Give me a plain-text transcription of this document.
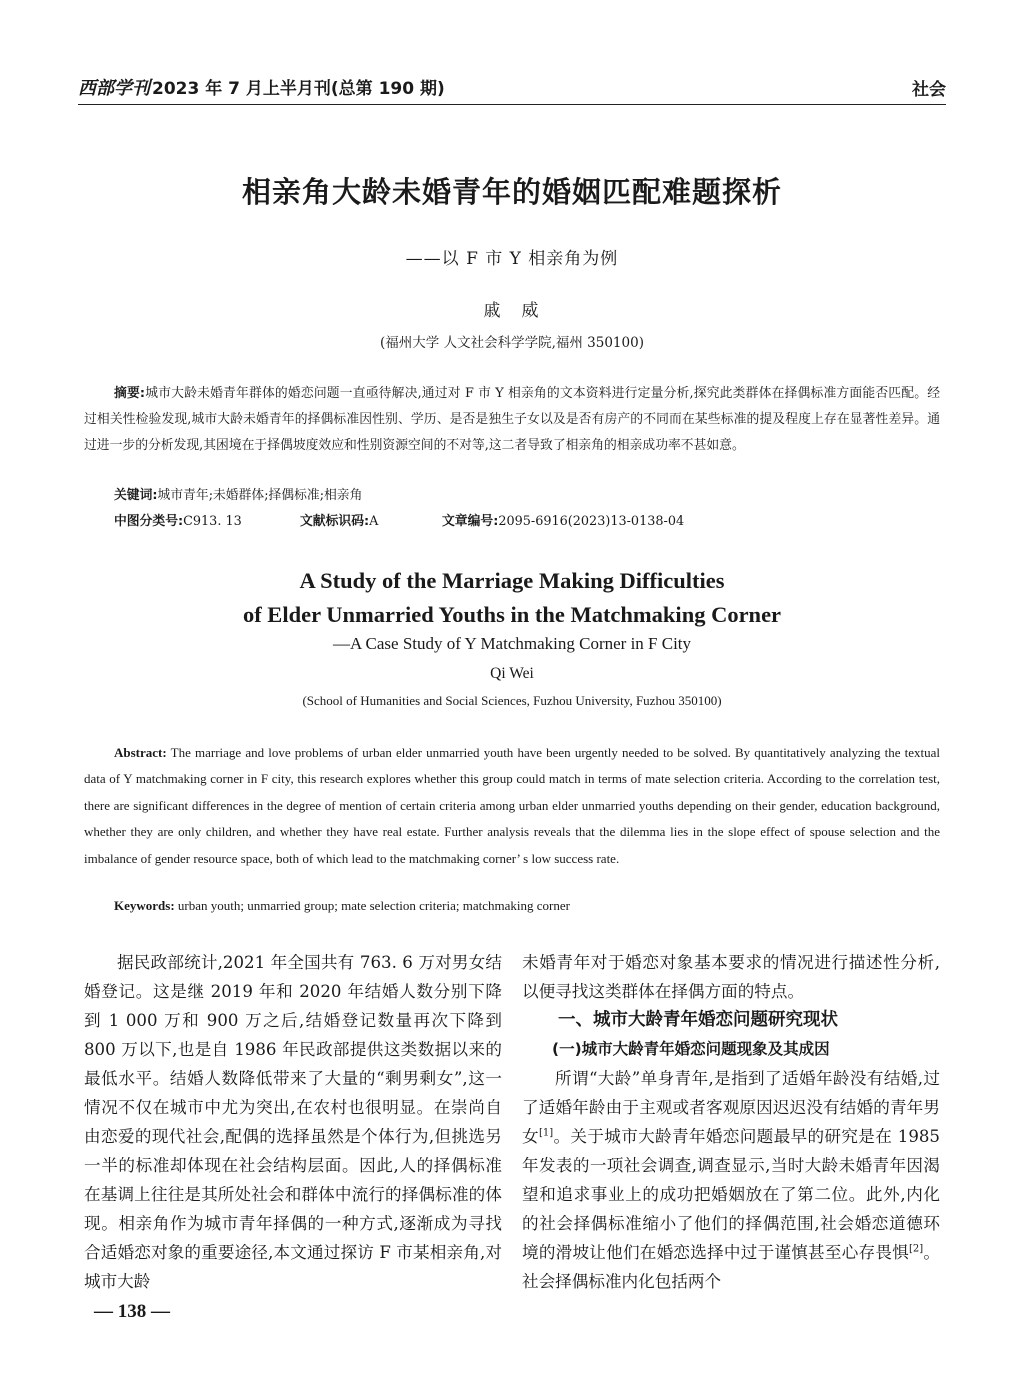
西部学刊 2023 年 7 月上半月刊(总第 190 期)	社会
相亲角大龄未婚青年的婚姻匹配难题探析
——以 F 市 Y 相亲角为例
戚　威
(福州大学 人文社会科学学院,福州 350100)
摘要:城市大龄未婚青年群体的婚恋问题一直亟待解决,通过对 F 市 Y 相亲角的文本资料进行定量分析,探究此类群体在择偶标准方面能否匹配。经过相关性检验发现,城市大龄未婚青年的择偶标准因性别、学历、是否是独生子女以及是否有房产的不同而在某些标准的提及程度上存在显著性差异。通过进一步的分析发现,其困境在于择偶坡度效应和性别资源空间的不对等,这二者导致了相亲角的相亲成功率不甚如意。
关键词:城市青年;未婚群体;择偶标准;相亲角
中图分类号:C913. 13	文献标识码:A	文章编号:2095-6916(2023)13-0138-04
A Study of the Marriage Making Difficulties
of Elder Unmarried Youths in the Matchmaking Corner
—A Case Study of Y Matchmaking Corner in F City
Qi Wei
(School of Humanities and Social Sciences, Fuzhou University, Fuzhou 350100)
Abstract: The marriage and love problems of urban elder unmarried youth have been urgently needed to be solved. By quantitatively analyzing the textual data of Y matchmaking corner in F city, this research explores whether this group could match in terms of mate selection criteria. According to the correlation test, there are significant differences in the degree of mention of certain criteria among urban elder unmarried youths depending on their gender, education background, whether they are only children, and whether they have real estate. Further analysis reveals that the dilemma lies in the slope effect of spouse selection and the imbalance of gender resource space, both of which lead to the matchmaking corner’ s low success rate.
Keywords: urban youth; unmarried group; mate selection criteria; matchmaking corner

据民政部统计,2021 年全国共有 763. 6 万对男女结婚登记。这是继 2019 年和 2020 年结婚人数分别下降到 1 000 万和 900 万之后,结婚登记数量再次下降到 800 万以下,也是自 1986 年民政部提供这类数据以来的最低水平。结婚人数降低带来了大量的“剩男剩女”,这一情况不仅在城市中尤为突出,在农村也很明显。在崇尚自由恋爱的现代社会,配偶的选择虽然是个体行为,但挑选另一半的标准却体现在社会结构层面。因此,人的择偶标准在基调上往往是其所处社会和群体中流行的择偶标准的体现。相亲角作为城市青年择偶的一种方式,逐渐成为寻找合适婚恋对象的重要途径,本文通过探访 F 市某相亲角,对城市大龄

未婚青年对于婚恋对象基本要求的情况进行描述性分析,以便寻找这类群体在择偶方面的特点。

一、城市大龄青年婚恋问题研究现状

(一)城市大龄青年婚恋问题现象及其成因

所谓“大龄”单身青年,是指到了适婚年龄没有结婚,过了适婚年龄由于主观或者客观原因迟迟没有结婚的青年男女[1]。关于城市大龄青年婚恋问题最早的研究是在 1985 年发表的一项社会调查,调查显示,当时大龄未婚青年因渴望和追求事业上的成功把婚姻放在了第二位。此外,内化的社会择偶标准缩小了他们的择偶范围,社会婚恋道德环境的滑坡让他们在婚恋选择中过于谨慎甚至心存畏惧[2]。社会择偶标准内化包括两个

— 138 —
